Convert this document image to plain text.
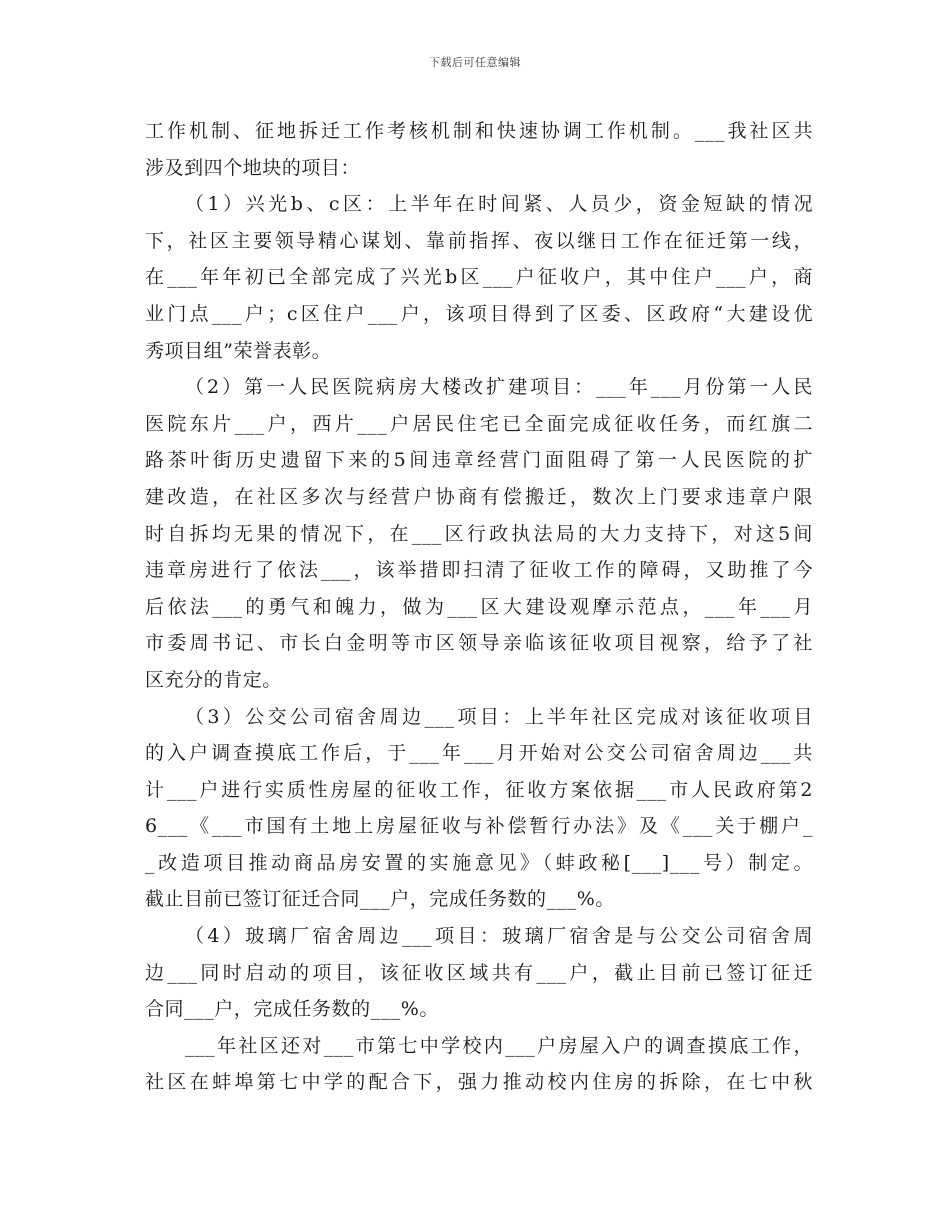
下载后可任意编辑
工作机制、征地拆迁工作考核机制和快速协调工作机制。___我社区共
涉及到四个地块的项目：
（1）兴光b、c区：上半年在时间紧、人员少，资金短缺的情况
下，社区主要领导精心谋划、靠前指挥、夜以继日工作在征迁第一线，
在___年年初已全部完成了兴光b区___户征收户，其中住户___户，商
业门点___户；c区住户___户，该项目得到了区委、区政府“大建设优
秀项目组”荣誉表彰。
（2）第一人民医院病房大楼改扩建项目：___年___月份第一人民
医院东片___户，西片___户居民住宅已全面完成征收任务，而红旗二
路茶叶街历史遗留下来的5间违章经营门面阻碍了第一人民医院的扩
建改造，在社区多次与经营户协商有偿搬迁，数次上门要求违章户限
时自拆均无果的情况下，在___区行政执法局的大力支持下，对这5间
违章房进行了依法___，该举措即扫清了征收工作的障碍，又助推了今
后依法___的勇气和魄力，做为___区大建设观摩示范点，___年___月
市委周书记、市长白金明等市区领导亲临该征收项目视察，给予了社
区充分的肯定。
（3）公交公司宿舍周边___项目：上半年社区完成对该征收项目
的入户调查摸底工作后，于___年___月开始对公交公司宿舍周边___共
计___户进行实质性房屋的征收工作，征收方案依据___市人民政府第2
6___《___市国有土地上房屋征收与补偿暂行办法》及《___关于棚户_
_改造项目推动商品房安置的实施意见》（蚌政秘[___]___号）制定。
截止目前已签订征迁合同___户，完成任务数的___%。
（4）玻璃厂宿舍周边___项目：玻璃厂宿舍是与公交公司宿舍周
边___同时启动的项目，该征收区域共有___户，截止目前已签订征迁
合同___户，完成任务数的___%。
___年社区还对___市第七中学校内___户房屋入户的调查摸底工作，
社区在蚌埠第七中学的配合下，强力推动校内住房的拆除，在七中秋
